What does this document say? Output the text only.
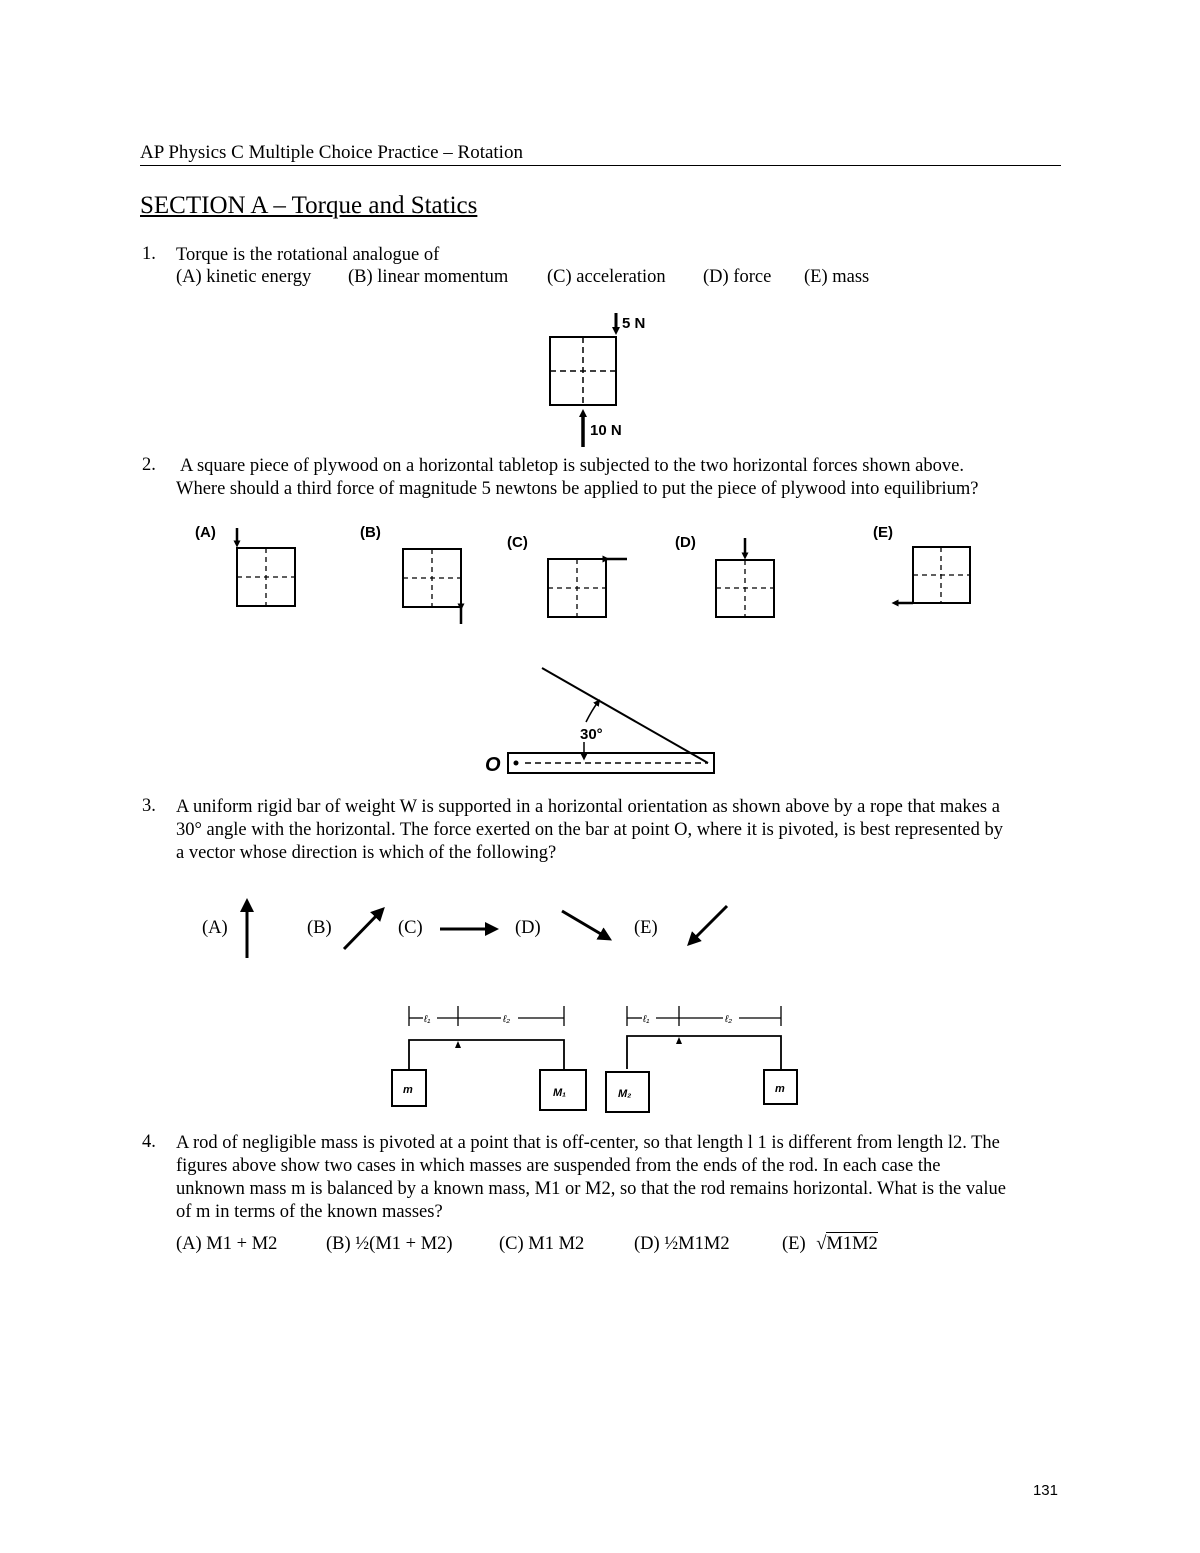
AP Physics C Multiple Choice Practice – Rotation
SECTION A – Torque and Statics
1. Torque is the rotational analogue of
(A) kinetic energy (B) linear momentum (C) acceleration (D) force (E) mass
5 N
10 N
2. A square piece of plywood on a horizontal tabletop is subjected to the two horizontal forces shown above.
Where should a third force of magnitude 5 newtons be applied to put the piece of plywood into equilibrium?
(A)	(B)
(C)	(D)
(E)
O
30°
3. A uniform rigid bar of weight W is supported in a horizontal orientation as shown above by a rope that makes a
30° angle with the horizontal. The force exerted on the bar at point O, where it is pivoted, is best represented by
a vector whose direction is which of the following?
(A)	(B)	(C)	(D)	(E)
ℓ₁	ℓ₂
m	M₁
ℓ₁	ℓ₂
M₂	m
4. A rod of negligible mass is pivoted at a point that is off-center, so that length l 1 is different from length l2. The
figures above show two cases in which masses are suspended from the ends of the rod. In each case the
unknown mass m is balanced by a known mass, M1 or M2, so that the rod remains horizontal. What is the value
of m in terms of the known masses?
(A) M1 + M2	(B) ½(M1 + M2)	(C) M1 M2	(D) ½M1M2	(E) √M1M2
131
